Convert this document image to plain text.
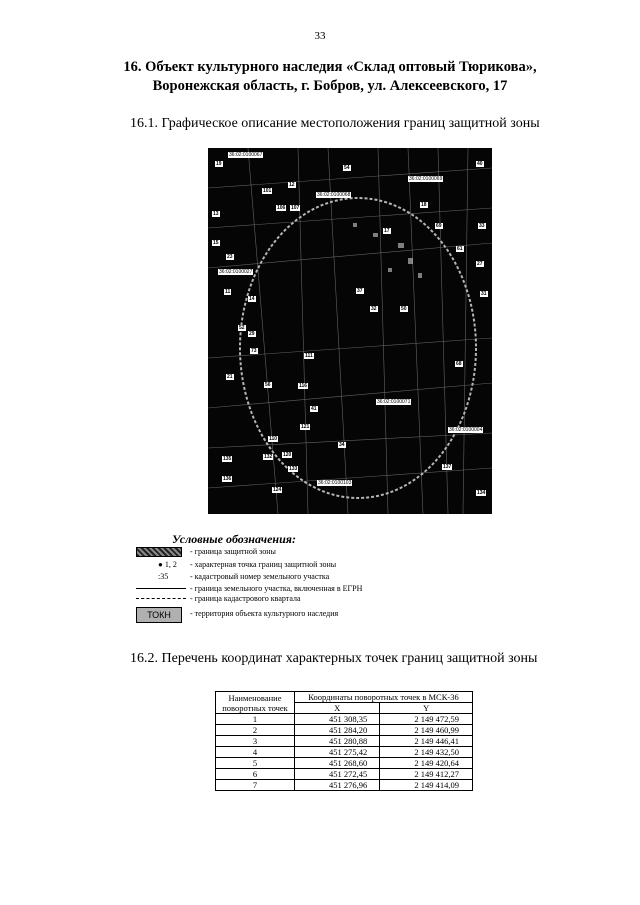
33
16. Объект культурного наследия «Склад оптовый Тюрикова»,
Воронежская область, г. Бобров, ул. Алексеевского, 17
16.1. Графическое описание местоположения границ защитной зоны
36:02:0100067
36:02:0100069
36:02:0100068
36:02:0100027
36:02:0100071
36:02:0100004
36:02:0100103
19
101
40
54
12
106 107
13
33
37
61
11
32
27
31
50
29
73
15
68
21
56
17
111
52
110
132
133
134
136
137
120
121
34
23
69
14
124
135
18
116
41
Условные обозначения:
- граница защитной зоны
● 1, 2 - характерная точка границ защитной зоны
:35	- кадастровый номер земельного участка
- граница земельного участка, включенная в ЕГРН
- граница кадастрового квартала
ТОКН	- территория объекта культурного наследия
16.2. Перечень координат характерных точек границ защитной зоны
Наименование поворотных точек	Координаты поворотных точек в МСК-36	
	X	Y
1	451 308,35	2 149 472,59
2	451 284,20	2 149 460,99
3	451 280,88	2 149 446,41
4	451 275,42	2 149 432,50
5	451 268,60	2 149 420,64
6	451 272,45	2 149 412,27
7	451 276,96	2 149 414,09
